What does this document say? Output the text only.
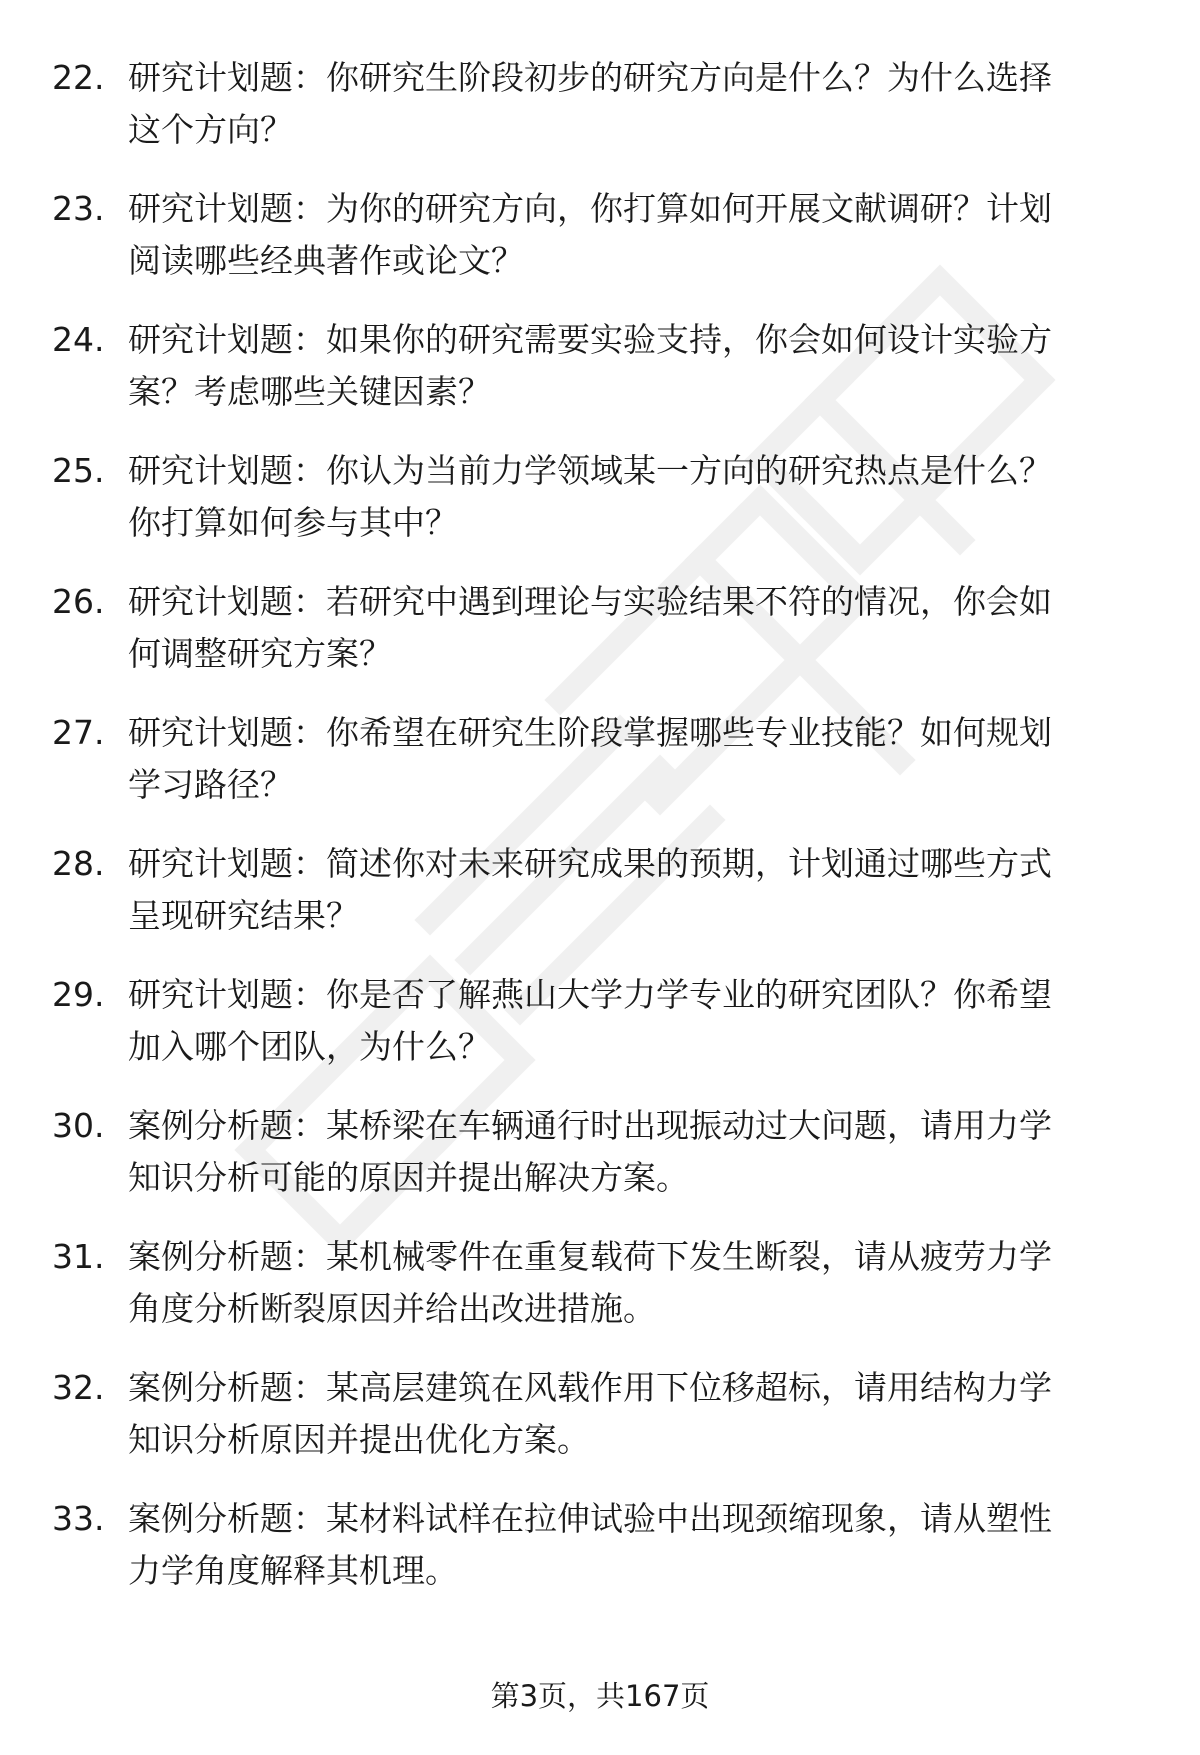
22. 研究计划题：你研究生阶段初步的研究方向是什么？为什么选择
这个方向？
23. 研究计划题：为你的研究方向，你打算如何开展文献调研？计划
阅读哪些经典著作或论文？
24. 研究计划题：如果你的研究需要实验支持，你会如何设计实验方
案？考虑哪些关键因素？
25. 研究计划题：你认为当前力学领域某一方向的研究热点是什么？
你打算如何参与其中？
26. 研究计划题：若研究中遇到理论与实验结果不符的情况，你会如
何调整研究方案？
27. 研究计划题：你希望在研究生阶段掌握哪些专业技能？如何规划
学习路径？
28. 研究计划题：简述你对未来研究成果的预期，计划通过哪些方式
呈现研究结果？
29. 研究计划题：你是否了解燕山大学力学专业的研究团队？你希望
加入哪个团队，为什么？
30. 案例分析题：某桥梁在车辆通行时出现振动过大问题，请用力学
知识分析可能的原因并提出解决方案。
31. 案例分析题：某机械零件在重复载荷下发生断裂，请从疲劳力学
角度分析断裂原因并给出改进措施。
32. 案例分析题：某高层建筑在风载作用下位移超标，请用结构力学
知识分析原因并提出优化方案。
33. 案例分析题：某材料试样在拉伸试验中出现颈缩现象，请从塑性
力学角度解释其机理。
第3页，共167页
